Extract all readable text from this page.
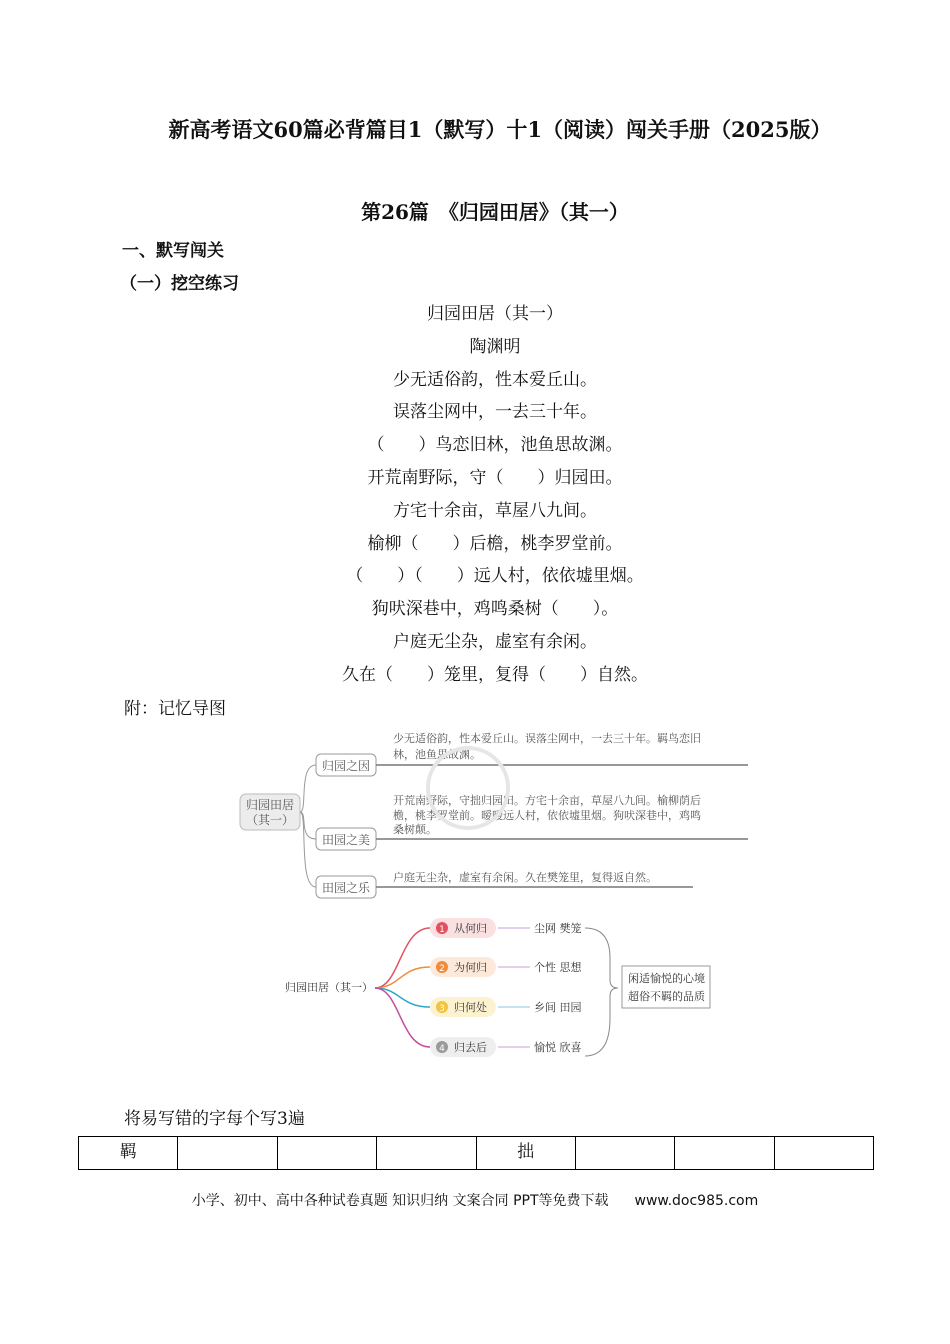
新高考语文60篇必背篇目1（默写）十1（阅读）闯关手册（2025版）
第26篇　《归园田居》（其一）
一、默写闯关
（一）挖空练习
归园田居（其一）
陶渊明
少无适俗韵，性本爱丘山。
误落尘网中，一去三十年。
（　　）鸟恋旧林，池鱼思故渊。
开荒南野际，守（　　）归园田。
方宅十余亩，草屋八九间。
榆柳（　　）后檐，桃李罗堂前。
（　　）（　　）远人村，依依墟里烟。
狗吠深巷中，鸡鸣桑树（　　）。
户庭无尘杂，虚室有余闲。
久在（　　）笼里，复得（　　）自然。
附：记忆导图
归园田居
（其一）
归园之因
少无适俗韵，性本爱丘山。误落尘网中，一去三十年。羁鸟恋旧
林，池鱼思故渊。
田园之美
开荒南野际，守拙归园田。方宅十余亩，草屋八九间。榆柳荫后
檐，桃李罗堂前。暧暧远人村，依依墟里烟。狗吠深巷中，鸡鸣
桑树颠。
田园之乐
户庭无尘杂，虚室有余闲。久在樊笼里，复得返自然。
归园田居（其一）
1 从何归	尘网 樊笼
2 为何归	个性 思想
3 归何处	乡间 田园
4 归去后	愉悦 欣喜
闲适愉悦的心境
超俗不羁的品质
将易写错的字每个写3遍
羁				拙			
小学、初中、高中各种试卷真题 知识归纳 文案合同 PPT等免费下载 www.doc985.com
